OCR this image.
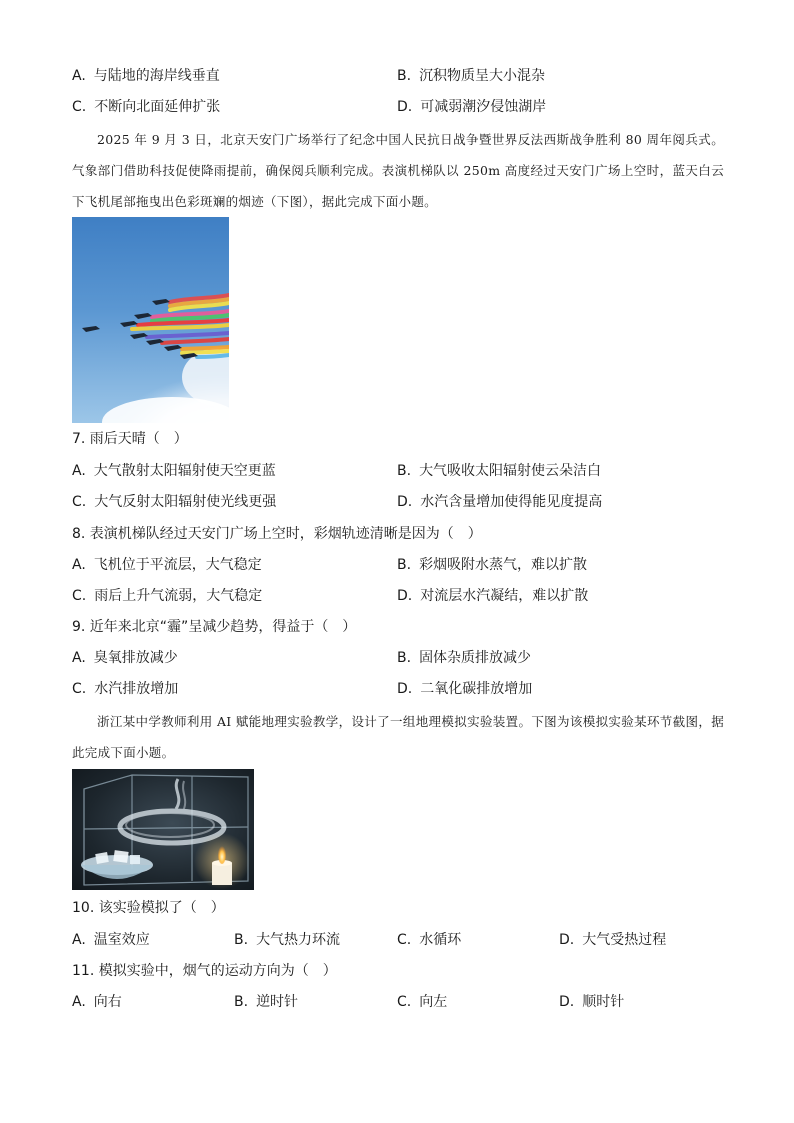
A. 与陆地的海岸线垂直	B. 沉积物质呈大小混杂
C. 不断向北面延伸扩张	D. 可减弱潮汐侵蚀湖岸
2025 年 9 月 3 日，北京天安门广场举行了纪念中国人民抗日战争暨世界反法西斯战争胜利 80 周年阅兵式。气象部门借助科技促使降雨提前，确保阅兵顺利完成。表演机梯队以 250m 高度经过天安门广场上空时，蓝天白云下飞机尾部拖曳出色彩斑斓的烟迹（下图），据此完成下面小题。
7. 雨后天晴（　）
A. 大气散射太阳辐射使天空更蓝	B. 大气吸收太阳辐射使云朵洁白
C. 大气反射太阳辐射使光线更强	D. 水汽含量增加使得能见度提高
8. 表演机梯队经过天安门广场上空时，彩烟轨迹清晰是因为（　）
A. 飞机位于平流层，大气稳定	B. 彩烟吸附水蒸气，难以扩散
C. 雨后上升气流弱，大气稳定	D. 对流层水汽凝结，难以扩散
9. 近年来北京“霾”呈减少趋势，得益于（　）
A. 臭氧排放减少	B. 固体杂质排放减少
C. 水汽排放增加	D. 二氧化碳排放增加
浙江某中学教师利用 AI 赋能地理实验教学，设计了一组地理模拟实验装置。下图为该模拟实验某环节截图，据此完成下面小题。
10. 该实验模拟了（　）
A. 温室效应	B. 大气热力环流	C. 水循环	D. 大气受热过程
11. 模拟实验中，烟气的运动方向为（　）
A. 向右	B. 逆时针	C. 向左	D. 顺时针
